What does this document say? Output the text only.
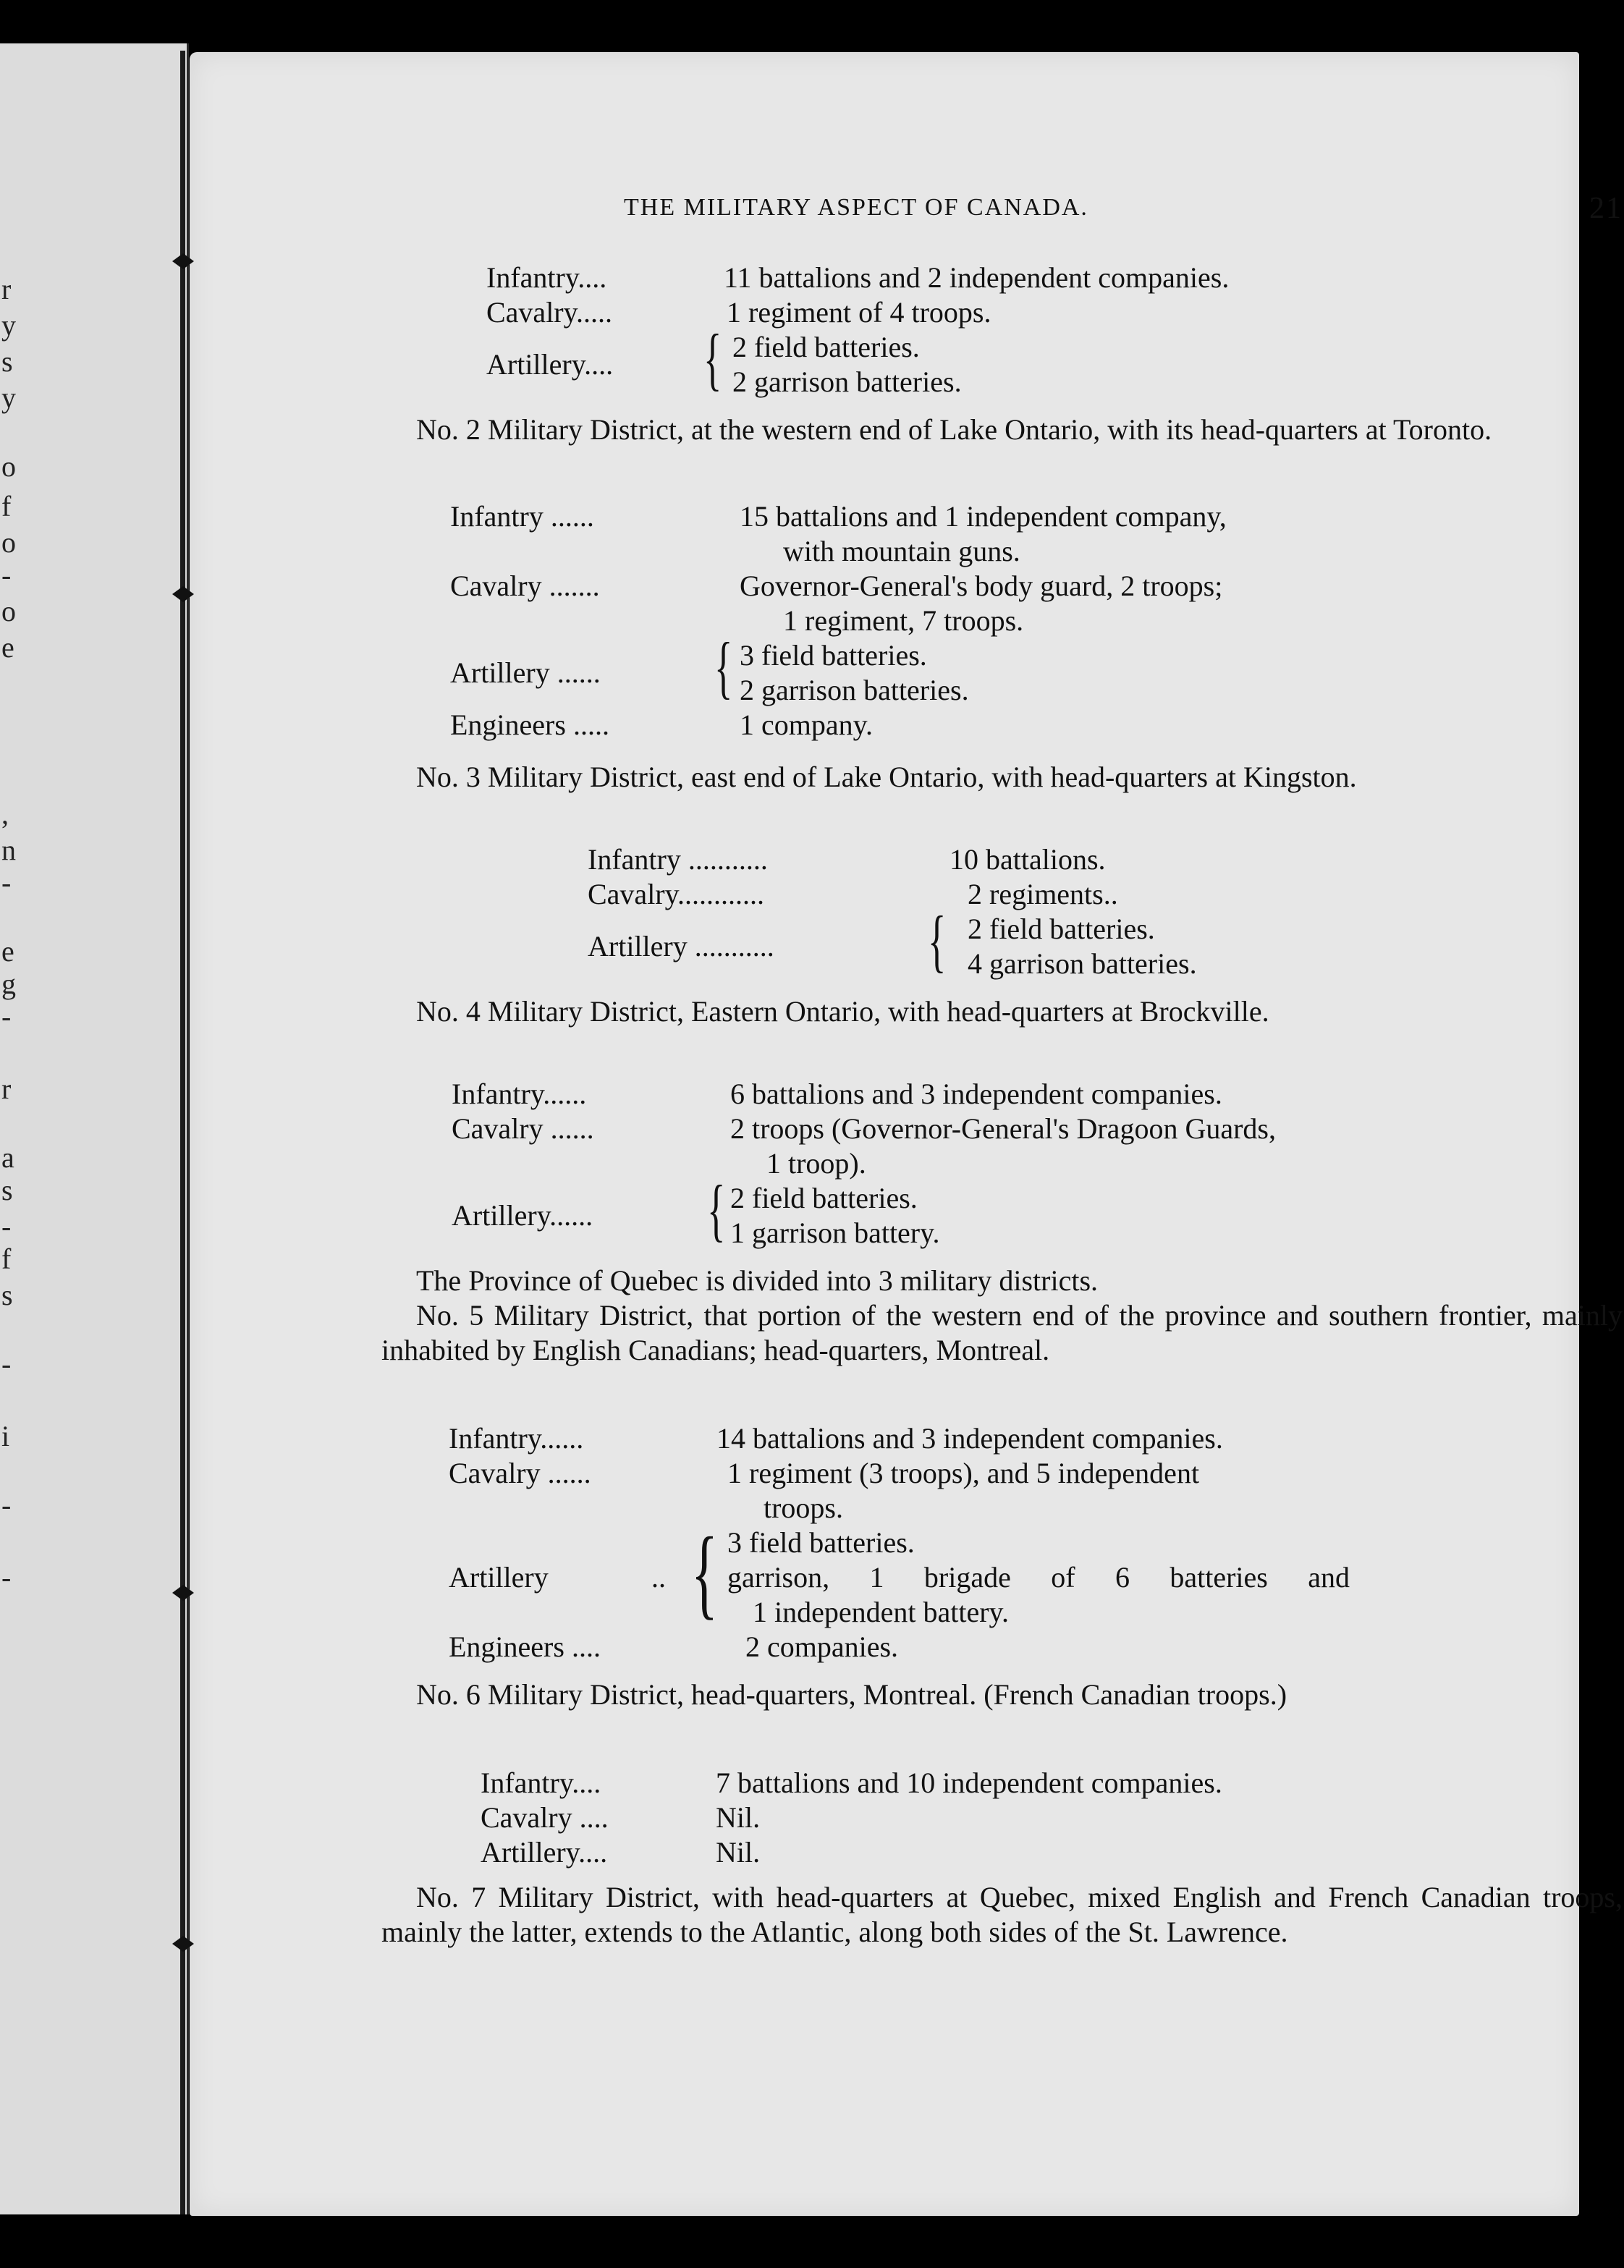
r
y
s
y
o
f
o
-
o
e
,
n
-
e
g
-
r
a
s
-
f
s
-
i
-
-
THE MILITARY ASPECT OF CANADA.	21
Infantry....	11 battalions and 2 independent companies.
Cavalry.....	1 regiment of 4 troops.
Artillery.... { 2 field batteries.
2 garrison batteries.

No. 2 Military District, at the western end of Lake Ontario, with its head-quarters at Toronto.

Infantry ......	15 battalions and 1 independent company,
with mountain guns.
Cavalry .......	Governor-General's body guard, 2 troops;
1 regiment, 7 troops.
Artillery ...... { 3 field batteries.
2 garrison batteries.
Engineers .....	1 company.

No. 3 Military District, east end of Lake Ontario, with head-quarters at Kingston.

Infantry ...........	10 battalions.
Cavalry............	2 regiments..
Artillery ........... { 2 field batteries.
4 garrison batteries.

No. 4 Military District, Eastern Ontario, with head-quarters at Brockville.

Infantry......	6 battalions and 3 independent companies.
Cavalry ......	2 troops (Governor-General's Dragoon Guards,
1 troop).
Artillery...... { 2 field batteries.
1 garrison battery.

The Province of Quebec is divided into 3 military districts.

No. 5 Military District, that portion of the western end of the province and southern frontier, mainly inhabited by English Canadians; head-quarters, Montreal.

Infantry......	14 battalions and 3 independent companies.
Cavalry ......	1 regiment (3 troops), and 5 independent
troops.
Artillery	.. { 3 field batteries.
garrison, 1 brigade of 6 batteries and
1 independent battery.
Engineers ....	2 companies.

No. 6 Military District, head-quarters, Montreal. (French Canadian troops.)

Infantry....	7 battalions and 10 independent companies.
Cavalry ....	Nil.
Artillery....	Nil.

No. 7 Military District, with head-quarters at Quebec, mixed English and French Canadian troops, mainly the latter, extends to the Atlantic, along both sides of the St. Lawrence.
